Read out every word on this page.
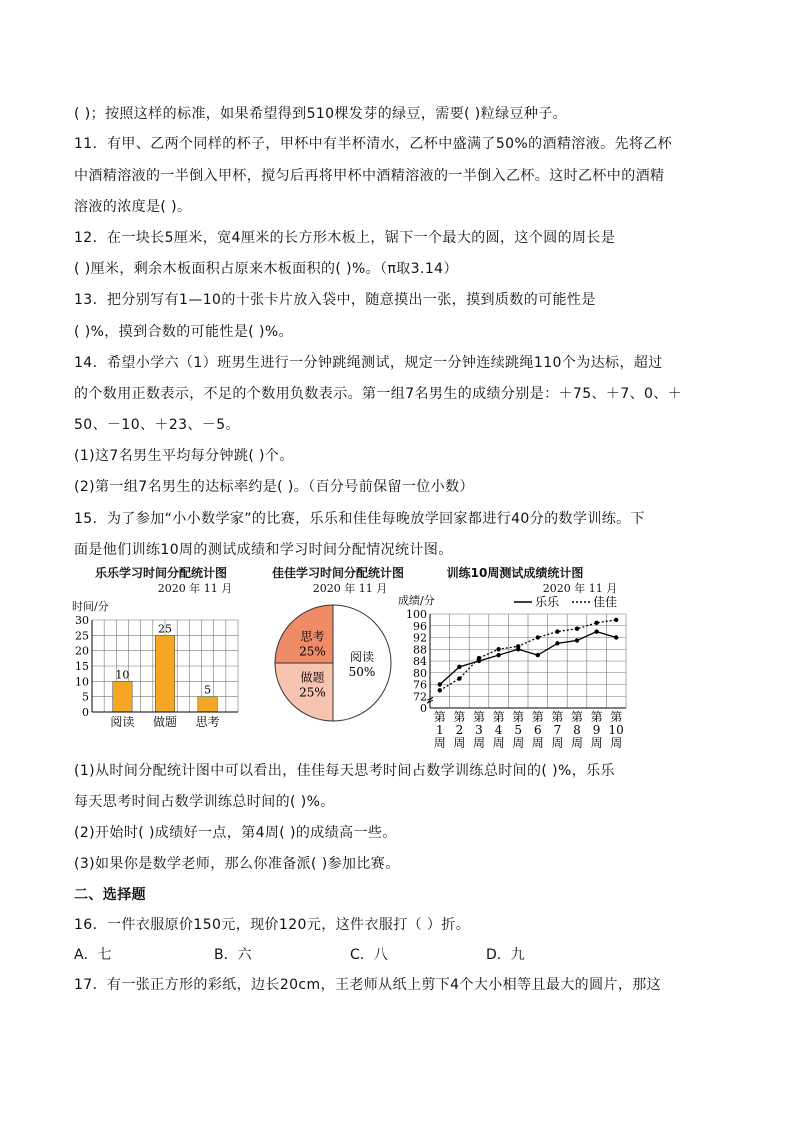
( )；按照这样的标准，如果希望得到510棵发芽的绿豆，需要( )粒绿豆种子。
11．有甲、乙两个同样的杯子，甲杯中有半杯清水，乙杯中盛满了50%的酒精溶液。先将乙杯
中酒精溶液的一半倒入甲杯，搅匀后再将甲杯中酒精溶液的一半倒入乙杯。这时乙杯中的酒精
溶液的浓度是( )。
12．在一块长5厘米，宽4厘米的长方形木板上，锯下一个最大的圆，这个圆的周长是
( )厘米，剩余木板面积占原来木板面积的( )%。（π取3.14）
13．把分别写有1—10的十张卡片放入袋中，随意摸出一张，摸到质数的可能性是
( )%，摸到合数的可能性是( )%。
14．希望小学六（1）班男生进行一分钟跳绳测试，规定一分钟连续跳绳110个为达标，超过
的个数用正数表示，不足的个数用负数表示。第一组7名男生的成绩分别是：＋75、＋7、0、＋
50、－10、＋23、－5。
(1)这7名男生平均每分钟跳( )个。
(2)第一组7名男生的达标率约是( )。（百分号前保留一位小数）
15．为了参加“小小数学家”的比赛，乐乐和佳佳每晚放学回家都进行40分的数学训练。下
面是他们训练10周的测试成绩和学习时间分配情况统计图。
乐乐学习时间分配统计图
2020 年 11 月
时间/分
0
5
10
15
20
25
30
10
阅读
25
做题
5
思考
佳佳学习时间分配统计图
2020 年 11 月
阅读
50%
做题
25%
思考
25%
训练10周测试成绩统计图
2020 年 11 月
成绩/分
0
72
76
80
84
88
92
96
100
第
1
周
第
2
周
第
3
周
第
4
周
第
5
周
第
6
周
第
7
周
第
8
周
第
9
周
第
10
周
乐乐	佳佳
(1)从时间分配统计图中可以看出，佳佳每天思考时间占数学训练总时间的( )%，乐乐
每天思考时间占数学训练总时间的( )%。
(2)开始时( )成绩好一点，第4周( )的成绩高一些。
(3)如果你是数学老师，那么你准备派( )参加比赛。
二、选择题
16．一件衣服原价150元，现价120元，这件衣服打（ ）折。
A．七	B．六	C．八	D．九
17．有一张正方形的彩纸，边长20cm，王老师从纸上剪下4个大小相等且最大的圆片，那这
